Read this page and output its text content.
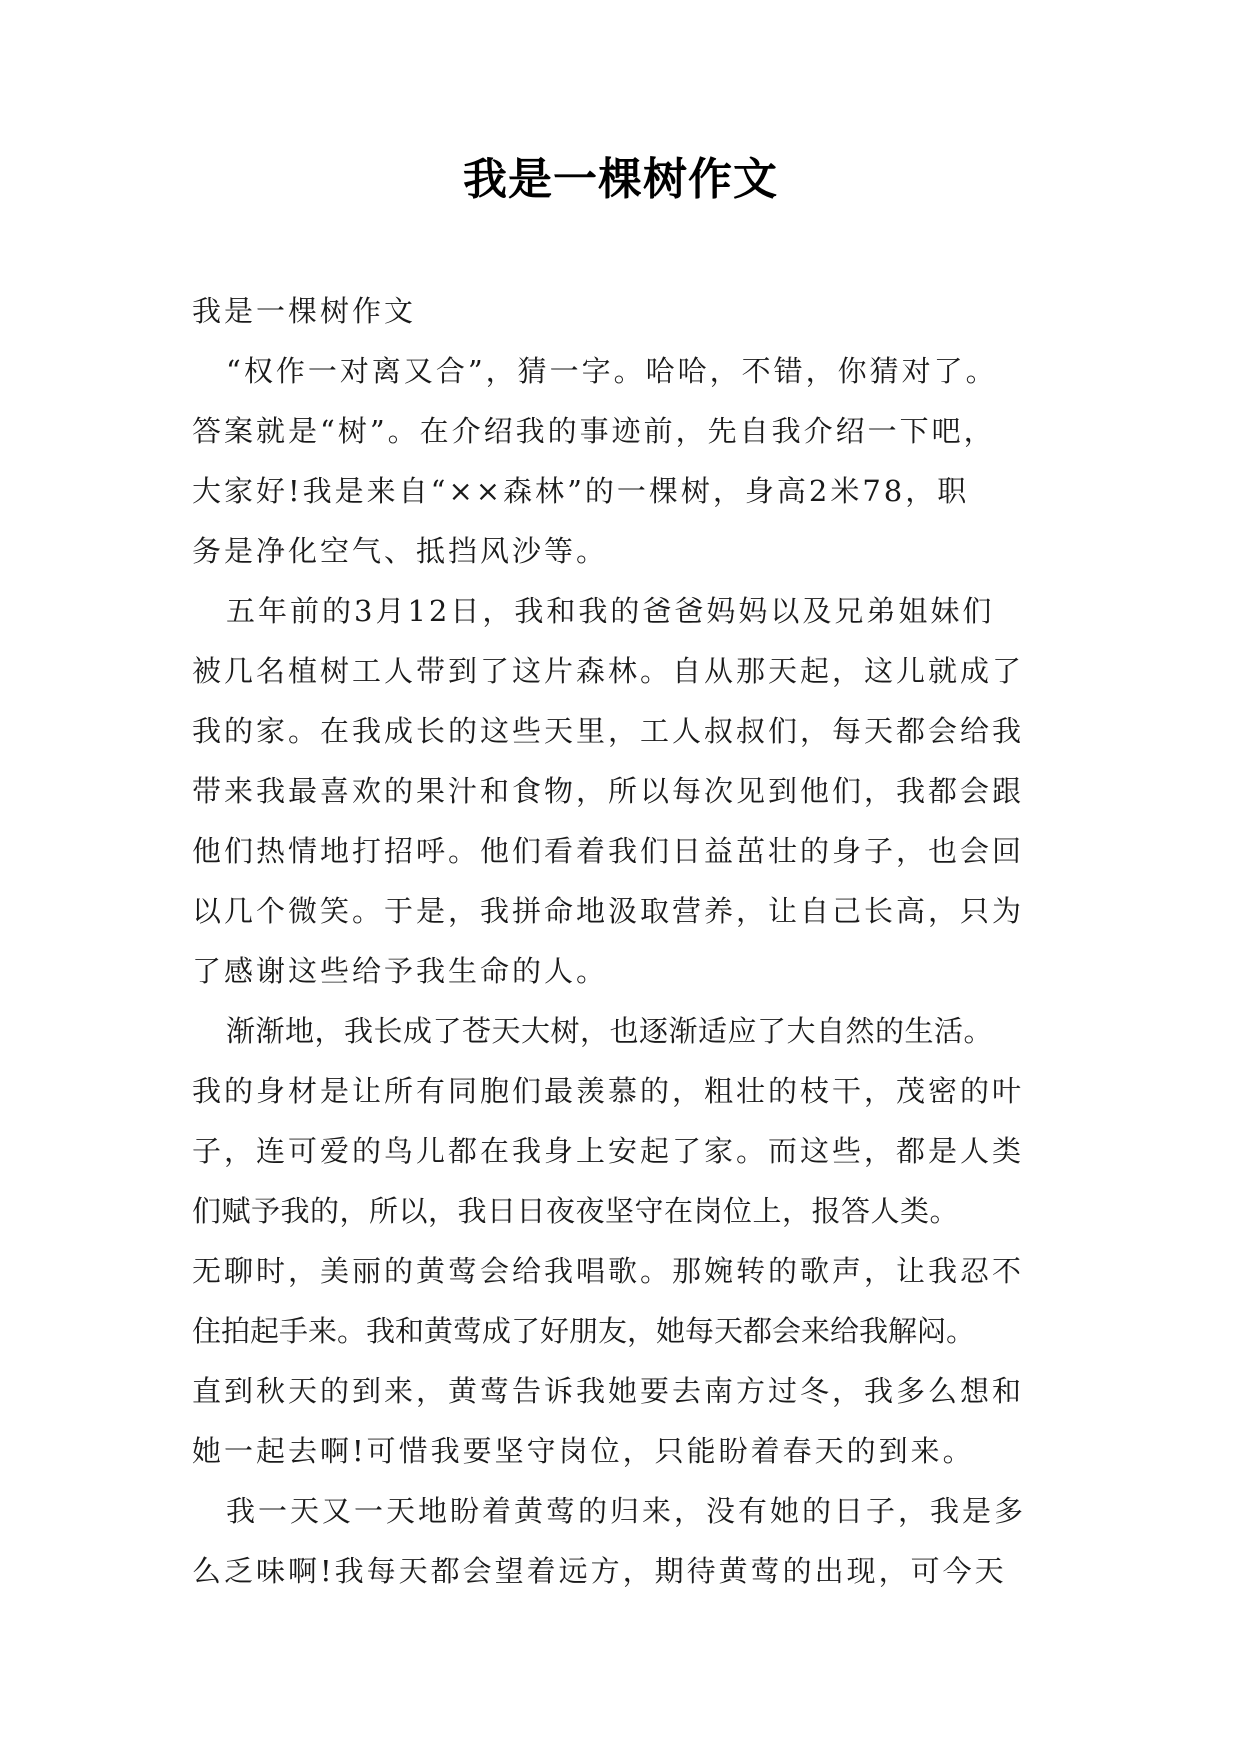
我是一棵树作文
我是一棵树作文
“权作一对离又合”，猜一字。哈哈，不错，你猜对了。
答案就是“树”。在介绍我的事迹前，先自我介绍一下吧，
大家好!我是来自“××森林”的一棵树，身高2米78，职
务是净化空气、抵挡风沙等。
五年前的3月12日，我和我的爸爸妈妈以及兄弟姐妹们
被几名植树工人带到了这片森林。自从那天起，这儿就成了
我的家。在我成长的这些天里，工人叔叔们，每天都会给我
带来我最喜欢的果汁和食物，所以每次见到他们，我都会跟
他们热情地打招呼。他们看着我们日益茁壮的身子，也会回
以几个微笑。于是，我拼命地汲取营养，让自己长高，只为
了感谢这些给予我生命的人。
渐渐地，我长成了苍天大树，也逐渐适应了大自然的生活。
我的身材是让所有同胞们最羡慕的，粗壮的枝干，茂密的叶
子，连可爱的鸟儿都在我身上安起了家。而这些，都是人类
们赋予我的，所以，我日日夜夜坚守在岗位上，报答人类。
无聊时，美丽的黄莺会给我唱歌。那婉转的歌声，让我忍不
住拍起手来。我和黄莺成了好朋友，她每天都会来给我解闷。
直到秋天的到来，黄莺告诉我她要去南方过冬，我多么想和
她一起去啊!可惜我要坚守岗位，只能盼着春天的到来。
我一天又一天地盼着黄莺的归来，没有她的日子，我是多
么乏味啊!我每天都会望着远方，期待黄莺的出现，可今天
